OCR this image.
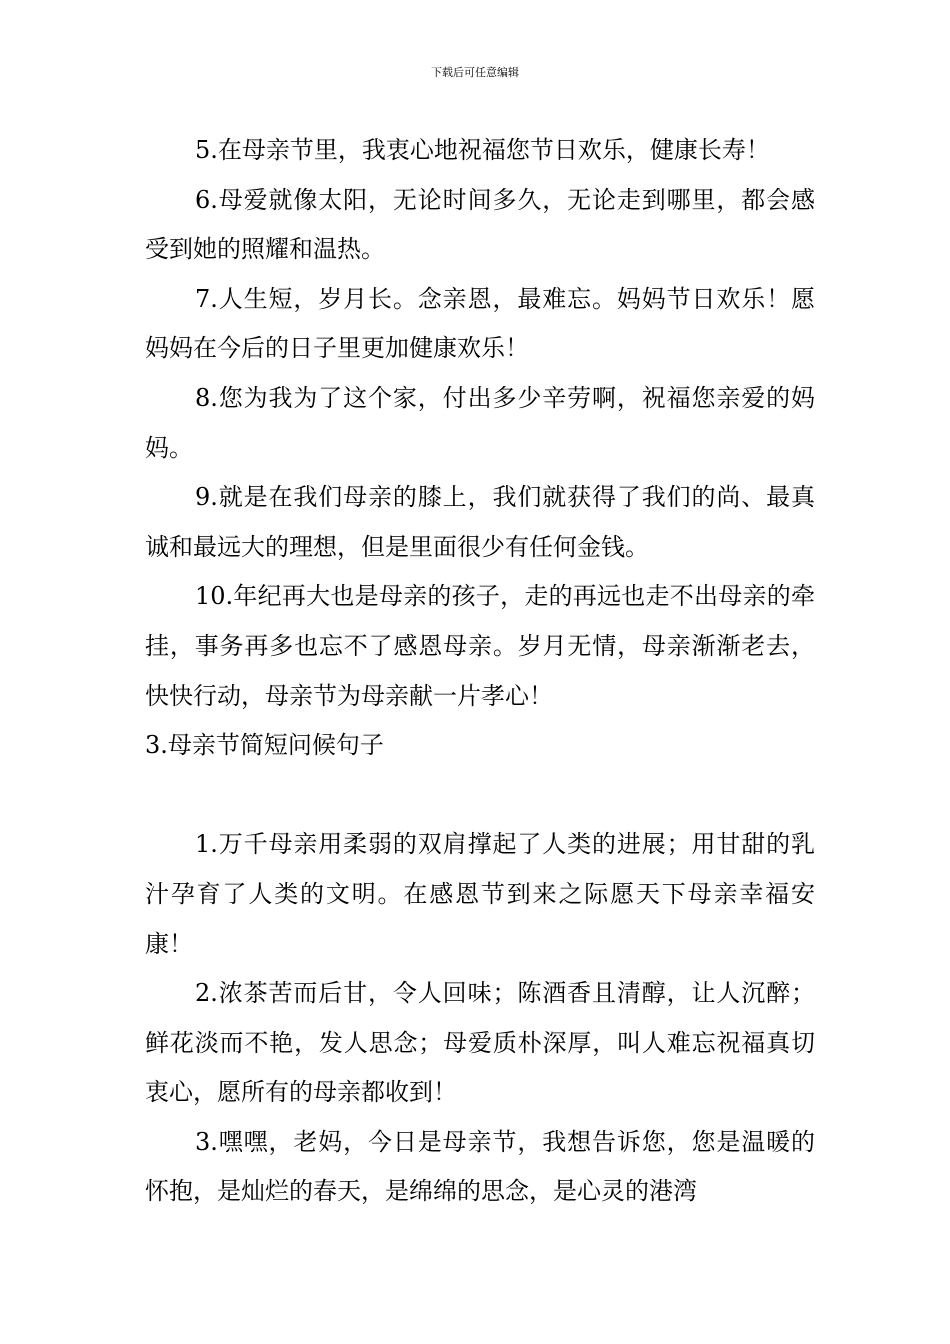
下载后可任意编辑

5.在母亲节里，我衷心地祝福您节日欢乐，健康长寿！

6.母爱就像太阳，无论时间多久，无论走到哪里，都会感受到她的照耀和温热。

7.人生短，岁月长。念亲恩，最难忘。妈妈节日欢乐！愿妈妈在今后的日子里更加健康欢乐！

8.您为我为了这个家，付出多少辛劳啊，祝福您亲爱的妈妈。

9.就是在我们母亲的膝上，我们就获得了我们的尚、最真诚和最远大的理想，但是里面很少有任何金钱。

10.年纪再大也是母亲的孩子，走的再远也走不出母亲的牵挂，事务再多也忘不了感恩母亲。岁月无情，母亲渐渐老去，快快行动，母亲节为母亲献一片孝心！

3.母亲节简短问候句子

1.万千母亲用柔弱的双肩撑起了人类的进展；用甘甜的乳汁孕育了人类的文明。在感恩节到来之际愿天下母亲幸福安康！

2.浓茶苦而后甘，令人回味；陈酒香且清醇，让人沉醉；鲜花淡而不艳，发人思念；母爱质朴深厚，叫人难忘祝福真切衷心，愿所有的母亲都收到！

3.嘿嘿，老妈，今日是母亲节，我想告诉您，您是温暖的怀抱，是灿烂的春天，是绵绵的思念，是心灵的港湾
